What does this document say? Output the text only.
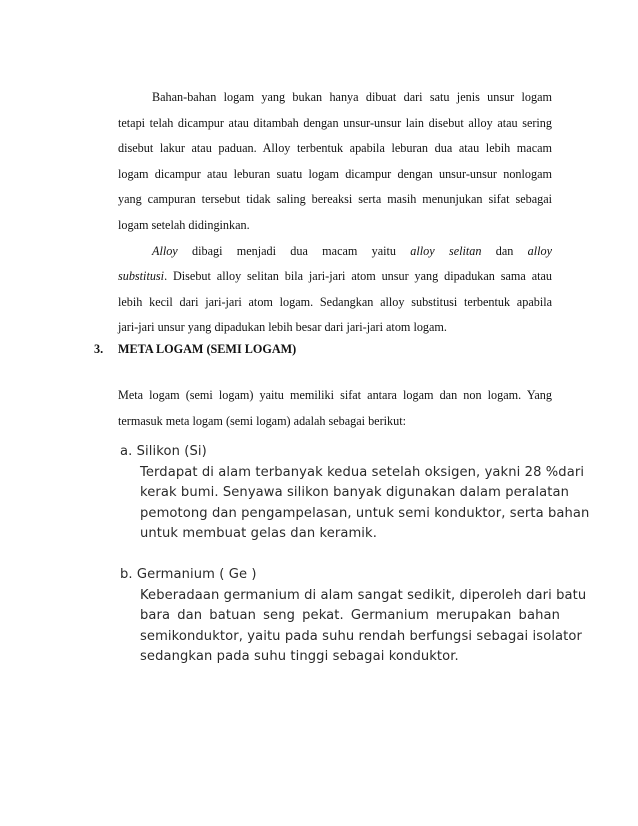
Bahan-bahan logam yang bukan hanya dibuat dari satu jenis unsur logam
tetapi telah dicampur atau ditambah dengan unsur-unsur lain disebut alloy atau sering
disebut lakur atau paduan. Alloy terbentuk apabila leburan dua atau lebih macam
logam dicampur atau leburan suatu logam dicampur dengan unsur-unsur nonlogam
yang campuran tersebut tidak saling bereaksi serta masih menunjukan sifat sebagai
logam setelah didinginkan.
Alloy dibagi menjadi dua macam yaitu alloy selitan dan alloy
substitusi. Disebut alloy selitan bila jari-jari atom unsur yang dipadukan sama atau
lebih kecil dari jari-jari atom logam. Sedangkan alloy substitusi terbentuk apabila
jari-jari unsur yang dipadukan lebih besar dari jari-jari atom logam.
3. META LOGAM (SEMI LOGAM)
Meta logam (semi logam) yaitu memiliki sifat antara logam dan non logam. Yang
termasuk meta logam (semi logam) adalah sebagai berikut:
a. Silikon (Si)
Terdapat di alam terbanyak kedua setelah oksigen, yakni 28 %dari
kerak bumi. Senyawa silikon banyak digunakan dalam peralatan
pemotong dan pengampelasan, untuk semi konduktor, serta bahan
untuk membuat gelas dan keramik.
b. Germanium ( Ge )
Keberadaan germanium di alam sangat sedikit, diperoleh dari batu
bara dan batuan seng pekat. Germanium merupakan bahan
semikonduktor, yaitu pada suhu rendah berfungsi sebagai isolator
sedangkan pada suhu tinggi sebagai konduktor.
